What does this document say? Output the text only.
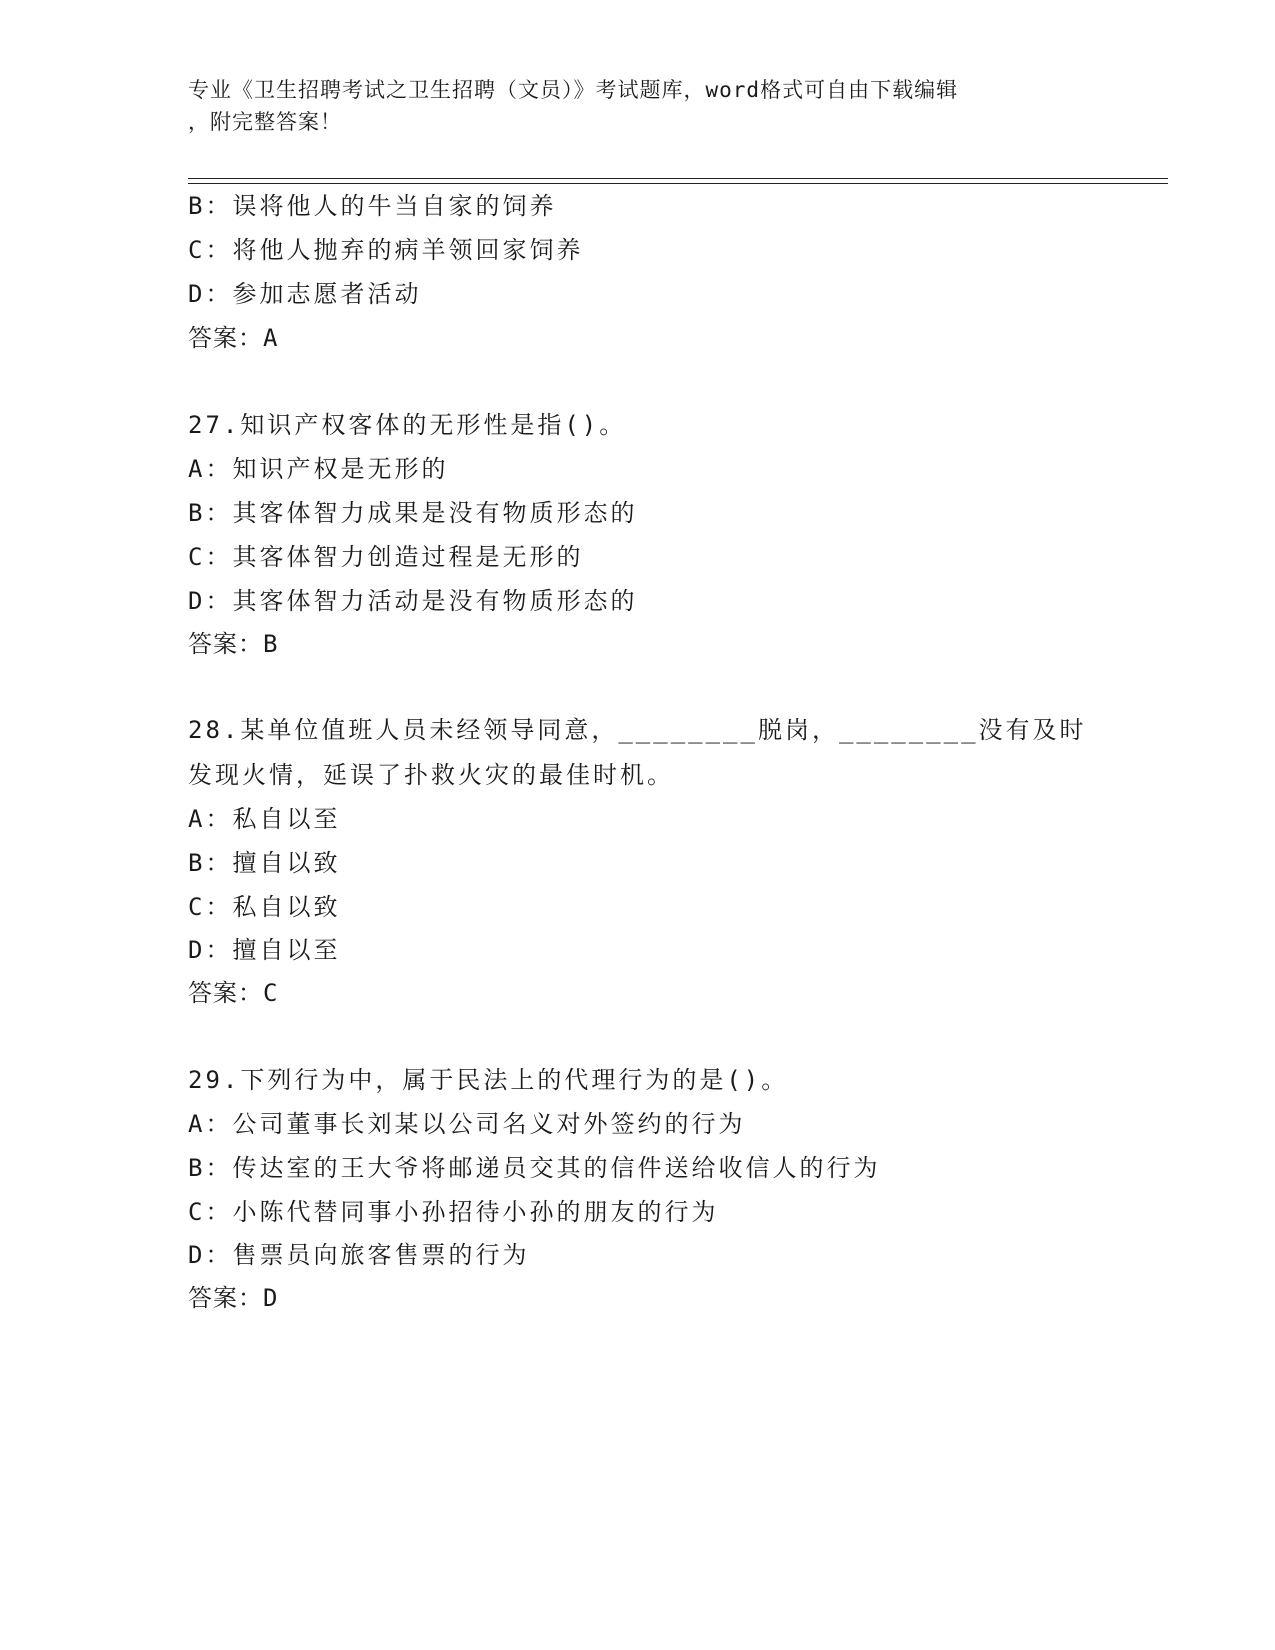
专业《卫生招聘考试之卫生招聘（文员）》考试题库，word格式可自由下载编辑
，附完整答案！
B：误将他人的牛当自家的饲养
C：将他人抛弃的病羊领回家饲养
D：参加志愿者活动
答案：A
27.知识产权客体的无形性是指()。
A：知识产权是无形的
B：其客体智力成果是没有物质形态的
C：其客体智力创造过程是无形的
D：其客体智力活动是没有物质形态的
答案：B
28.某单位值班人员未经领导同意，________脱岗，________没有及时
发现火情，延误了扑救火灾的最佳时机。
A：私自以至
B：擅自以致
C：私自以致
D：擅自以至
答案：C
29.下列行为中，属于民法上的代理行为的是()。
A：公司董事长刘某以公司名义对外签约的行为
B：传达室的王大爷将邮递员交其的信件送给收信人的行为
C：小陈代替同事小孙招待小孙的朋友的行为
D：售票员向旅客售票的行为
答案：D
